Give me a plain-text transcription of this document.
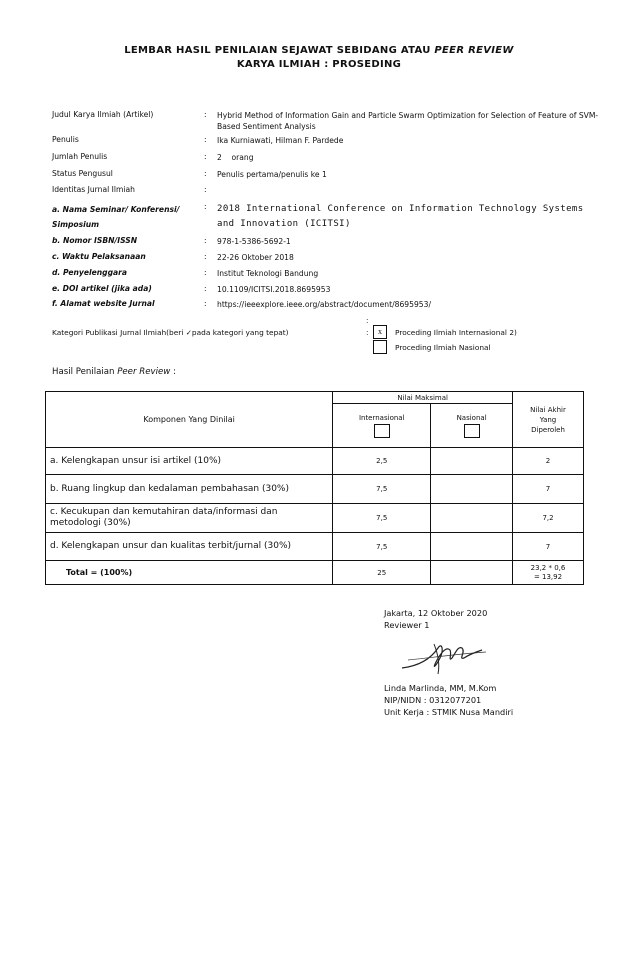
LEMBAR HASIL PENILAIAN SEJAWAT SEBIDANG ATAU PEER REVIEW
KARYA ILMIAH : PROSEDING
Judul Karya Ilmiah (Artikel)	: Hybrid Method of Information Gain and Particle Swarm Optimization for Selection of Feature of SVM-Based Sentiment Analysis
Penulis	: Ika Kurniawati, Hilman F. Pardede
Jumlah Penulis	: 2    orang
Status Pengusul	: Penulis pertama/penulis ke 1
Identitas Jurnal Ilmiah	:
a. Nama Seminar/ Konferensi/ Simposium
: 2018 International Conference on Information Technology Systems and Innovation (ICITSI)
b. Nomor ISBN/ISSN	: 978-1-5386-5692-1
c. Waktu Pelaksanaan	: 22-26 Oktober 2018
d. Penyelenggara	: Institut Teknologi Bandung
e. DOI artikel (jika ada)	: 10.1109/ICITSI.2018.8695953
f. Alamat website Jurnal	: https://ieeexplore.ieee.org/abstract/document/8695953/
Kategori Publikasi Jurnal Ilmiah(beri ✓pada kategori yang tepat)
:
:	x	Proceding Ilmiah Internasional 2)
Proceding Ilmiah Nasional
Hasil Penilaian Peer Review :
Komponen Yang Dinilai	Nilai Maksimal		Nilai Akhir Yang Diperoleh

	Internasional	Nasional	

a. Kelengkapan unsur isi artikel (10%)	2,5		2
b. Ruang lingkup dan kedalaman pembahasan (30%)	7,5		7
c. Kecukupan dan kemutahiran data/informasi dan metodologi (30%)	7,5		7,2
d. Kelengkapan unsur dan kualitas terbit/jurnal (30%)	7,5		7
Total = (100%)	25		23,2 * 0,6
= 13,92
Jakarta, 12 Oktober 2020
Reviewer 1
Linda Marlinda, MM, M.Kom
NIP/NIDN : 0312077201
Unit Kerja : STMIK Nusa Mandiri
